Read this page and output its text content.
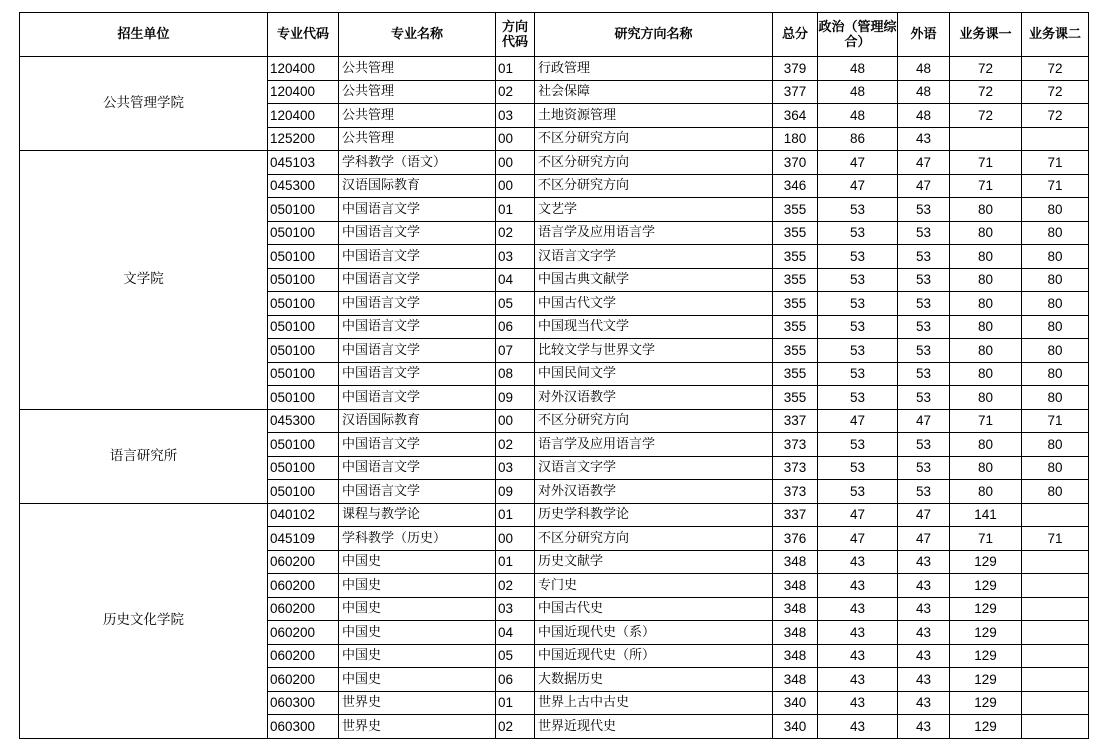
招生单位	专业代码	专业名称	方向代码	研究方向名称	总分	政治（管理综合）	外语	业务课一	业务课二
公共管理学院	120400	公共管理	01	行政管理	379	48	48	72	72
	120400	公共管理	02	社会保障	377	48	48	72	72
	120400	公共管理	03	土地资源管理	364	48	48	72	72
	125200	公共管理	00	不区分研究方向	180	86	43		
文学院	045103	学科教学（语文）	00	不区分研究方向	370	47	47	71	71
	045300	汉语国际教育	00	不区分研究方向	346	47	47	71	71
	050100	中国语言文学	01	文艺学	355	53	53	80	80
	050100	中国语言文学	02	语言学及应用语言学	355	53	53	80	80
	050100	中国语言文学	03	汉语言文字学	355	53	53	80	80
	050100	中国语言文学	04	中国古典文献学	355	53	53	80	80
	050100	中国语言文学	05	中国古代文学	355	53	53	80	80
	050100	中国语言文学	06	中国现当代文学	355	53	53	80	80
	050100	中国语言文学	07	比较文学与世界文学	355	53	53	80	80
	050100	中国语言文学	08	中国民间文学	355	53	53	80	80
	050100	中国语言文学	09	对外汉语教学	355	53	53	80	80
语言研究所	045300	汉语国际教育	00	不区分研究方向	337	47	47	71	71
	050100	中国语言文学	02	语言学及应用语言学	373	53	53	80	80
	050100	中国语言文学	03	汉语言文字学	373	53	53	80	80
	050100	中国语言文学	09	对外汉语教学	373	53	53	80	80
历史文化学院	040102	课程与教学论	01	历史学科教学论	337	47	47	141	
	045109	学科教学（历史）	00	不区分研究方向	376	47	47	71	71
	060200	中国史	01	历史文献学	348	43	43	129	
	060200	中国史	02	专门史	348	43	43	129	
	060200	中国史	03	中国古代史	348	43	43	129	
	060200	中国史	04	中国近现代史（系）	348	43	43	129	
	060200	中国史	05	中国近现代史（所）	348	43	43	129	
	060200	中国史	06	大数据历史	348	43	43	129	
	060300	世界史	01	世界上古中古史	340	43	43	129	
	060300	世界史	02	世界近现代史	340	43	43	129	
